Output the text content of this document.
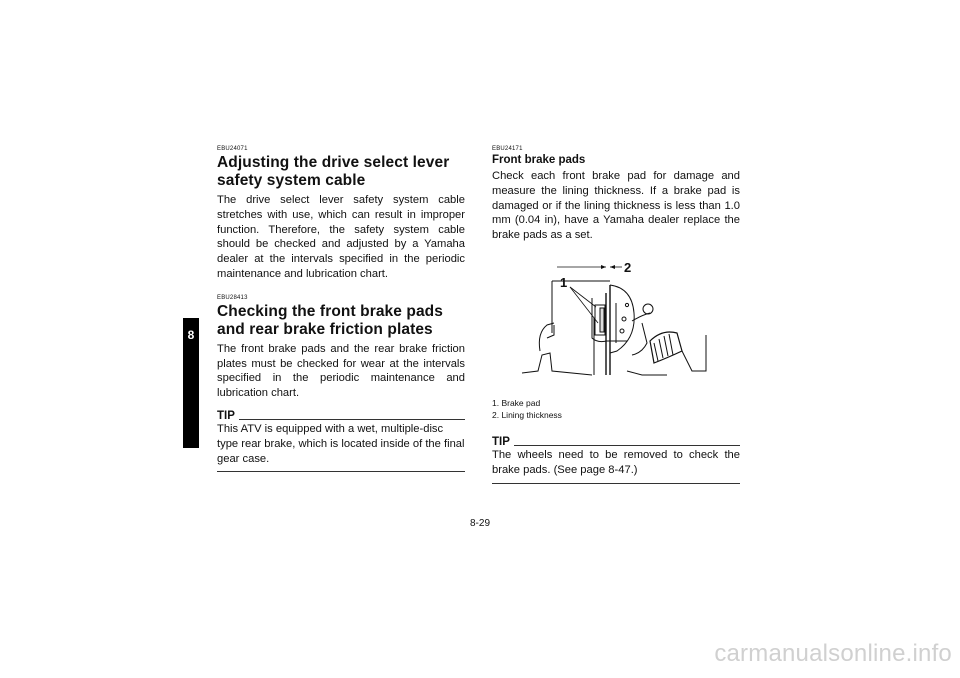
8

EBU24071

Adjusting the drive select lever safety system cable

The drive select lever safety system cable stretches with use, which can result in improper function. Therefore, the safety system cable should be checked and adjusted by a Yamaha dealer at the intervals specified in the periodic maintenance and lubrication chart.

EBU28413

Checking the front brake pads and rear brake friction plates

The front brake pads and the rear brake friction plates must be checked for wear at the intervals specified in the periodic maintenance and lubrication chart.

TIP

This ATV is equipped with a wet, multiple-disc type rear brake, which is located inside of the final gear case.

EBU24171

Front brake pads

Check each front brake pad for damage and measure the lining thickness. If a brake pad is damaged or if the lining thickness is less than 1.0 mm (0.04 in), have a Yamaha dealer replace the brake pads as a set.

2
1
1. Brake pad
2. Lining thickness
TIP

The wheels need to be removed to check the brake pads. (See page 8-47.)

8-29
carmanualsonline.info
